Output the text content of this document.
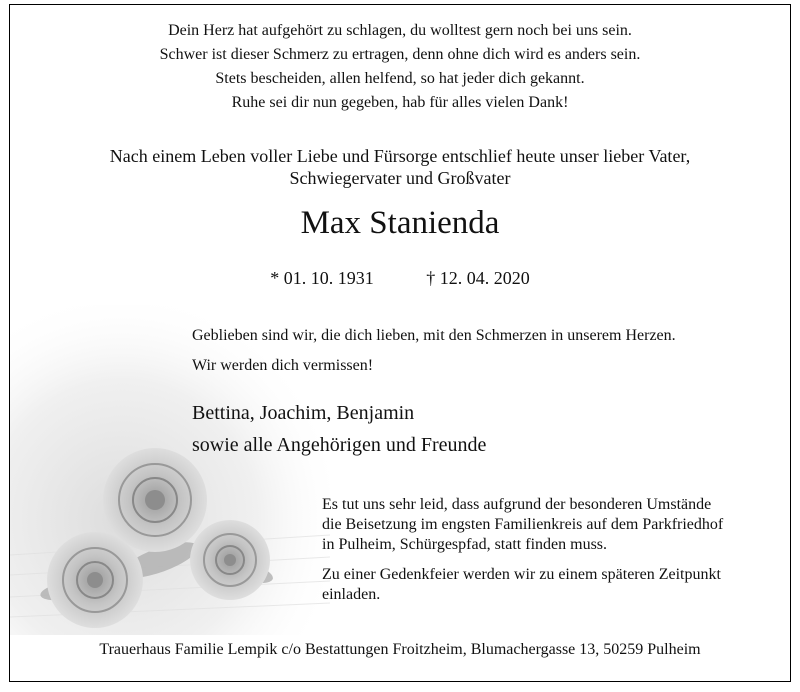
Dein Herz hat aufgehört zu schlagen, du wolltest gern noch bei uns sein.
Schwer ist dieser Schmerz zu ertragen, denn ohne dich wird es anders sein.
Stets bescheiden, allen helfend, so hat jeder dich gekannt.
Ruhe sei dir nun gegeben, hab für alles vielen Dank!
Nach einem Leben voller Liebe und Fürsorge entschlief heute unser lieber Vater,
Schwiegervater und Großvater
Max Stanienda
* 01. 10. 1931	† 12. 04. 2020
Geblieben sind wir, die dich lieben, mit den Schmerzen in unserem Herzen.
Wir werden dich vermissen!
Bettina, Joachim, Benjamin
sowie alle Angehörigen und Freunde

Es tut uns sehr leid, dass aufgrund der besonderen Umstände
die Beisetzung im engsten Familienkreis auf dem Parkfriedhof
in Pulheim, Schürgespfad, statt finden muss.

Zu einer Gedenkfeier werden wir zu einem späteren Zeitpunkt
einladen.

Trauerhaus Familie Lempik c/o Bestattungen Froitzheim, Blumachergasse 13, 50259 Pulheim
